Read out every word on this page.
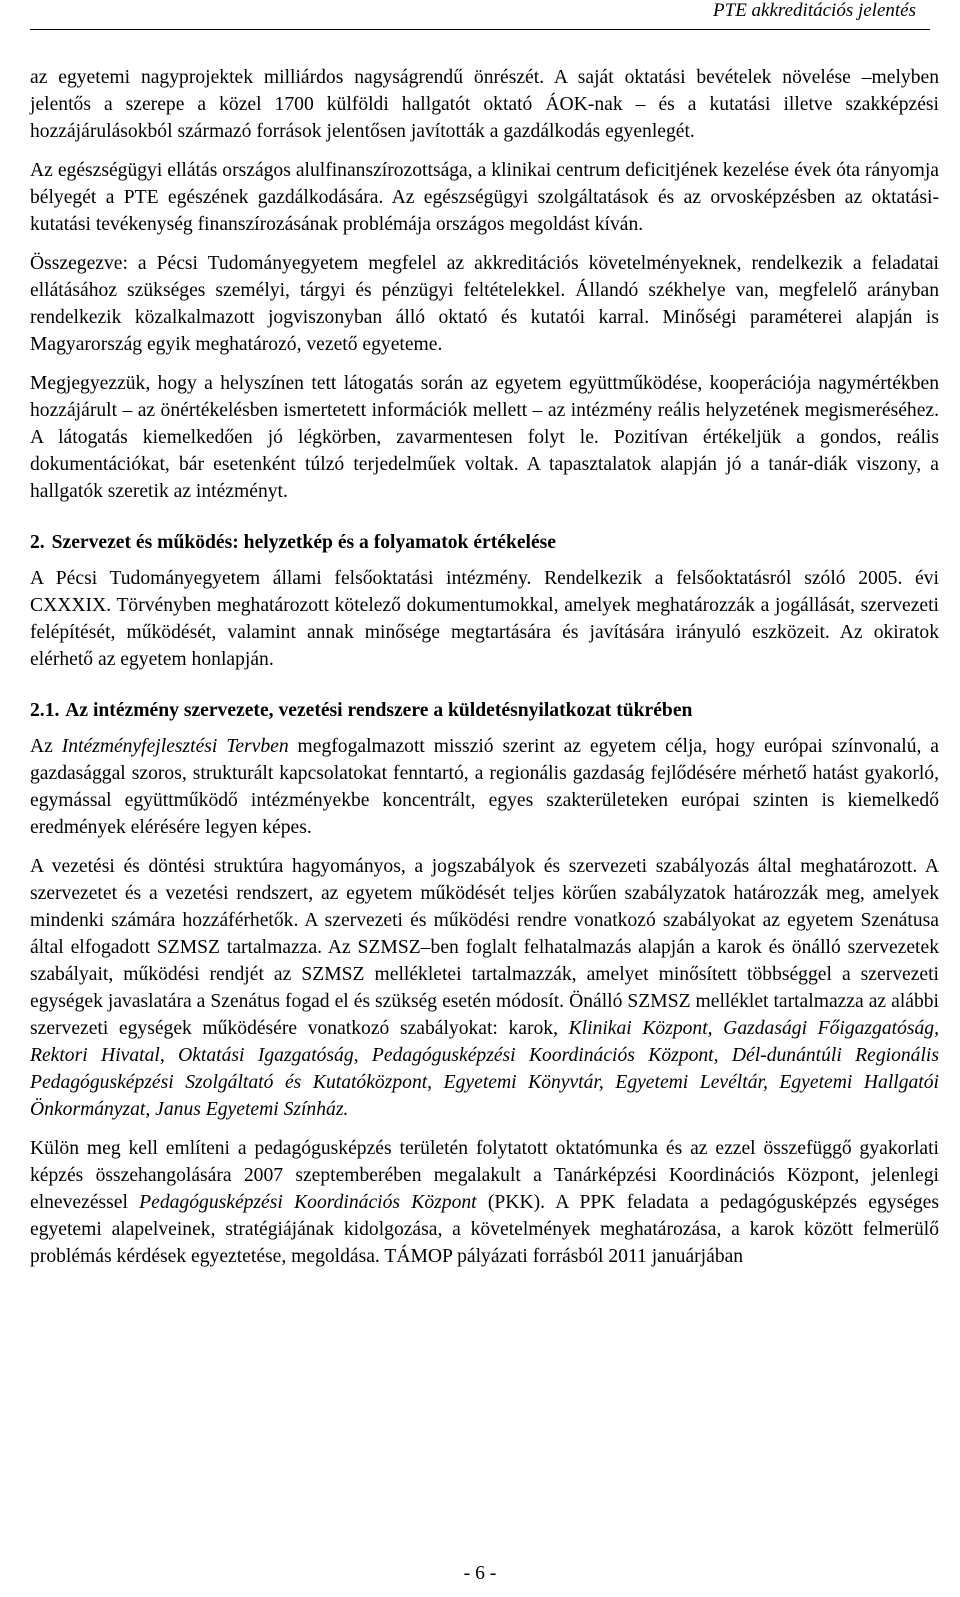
PTE akkreditációs jelentés

az egyetemi nagyprojektek milliárdos nagyságrendű önrészét. A saját oktatási bevételek növelése –melyben jelentős a szerepe a közel 1700 külföldi hallgatót oktató ÁOK-nak – és a kutatási illetve szakképzési hozzájárulásokból származó források jelentősen javították a gazdálkodás egyenlegét.

Az egészségügyi ellátás országos alulfinanszírozottsága, a klinikai centrum deficitjének kezelése évek óta rányomja bélyegét a PTE egészének gazdálkodására. Az egészségügyi szolgáltatások és az orvosképzésben az oktatási-kutatási tevékenység finanszírozásának problémája országos megoldást kíván.

Összegezve: a Pécsi Tudományegyetem megfelel az akkreditációs követelményeknek, rendelkezik a feladatai ellátásához szükséges személyi, tárgyi és pénzügyi feltételekkel. Állandó székhelye van, megfelelő arányban rendelkezik közalkalmazott jogviszonyban álló oktató és kutatói karral. Minőségi paraméterei alapján is Magyarország egyik meghatározó, vezető egyeteme.

Megjegyezzük, hogy a helyszínen tett látogatás során az egyetem együttműködése, kooperációja nagymértékben hozzájárult – az önértékelésben ismertetett információk mellett – az intézmény reális helyzetének megismeréséhez. A látogatás kiemelkedően jó légkörben, zavarmentesen folyt le. Pozitívan értékeljük a gondos, reális dokumentációkat, bár esetenként túlzó terjedelműek voltak. A tapasztalatok alapján jó a tanár-diák viszony, a hallgatók szeretik az intézményt.

2. Szervezet és működés: helyzetkép és a folyamatok értékelése

A Pécsi Tudományegyetem állami felsőoktatási intézmény. Rendelkezik a felsőoktatásról szóló 2005. évi CXXXIX. Törvényben meghatározott kötelező dokumentumokkal, amelyek meghatározzák a jogállását, szervezeti felépítését, működését, valamint annak minősége megtartására és javítására irányuló eszközeit. Az okiratok elérhető az egyetem honlapján.

2.1. Az intézmény szervezete, vezetési rendszere a küldetésnyilatkozat tükrében

Az Intézményfejlesztési Tervben megfogalmazott misszió szerint az egyetem célja, hogy európai színvonalú, a gazdasággal szoros, strukturált kapcsolatokat fenntartó, a regionális gazdaság fejlődésére mérhető hatást gyakorló, egymással együttműködő intézményekbe koncentrált, egyes szakterületeken európai szinten is kiemelkedő eredmények elérésére legyen képes.

A vezetési és döntési struktúra hagyományos, a jogszabályok és szervezeti szabályozás által meghatározott. A szervezetet és a vezetési rendszert, az egyetem működését teljes körűen szabályzatok határozzák meg, amelyek mindenki számára hozzáférhetők. A szervezeti és működési rendre vonatkozó szabályokat az egyetem Szenátusa által elfogadott SZMSZ tartalmazza. Az SZMSZ–ben foglalt felhatalmazás alapján a karok és önálló szervezetek szabályait, működési rendjét az SZMSZ mellékletei tartalmazzák, amelyet minősített többséggel a szervezeti egységek javaslatára a Szenátus fogad el és szükség esetén módosít. Önálló SZMSZ melléklet tartalmazza az alábbi szervezeti egységek működésére vonatkozó szabályokat: karok, Klinikai Központ, Gazdasági Főigazgatóság, Rektori Hivatal, Oktatási Igazgatóság, Pedagógusképzési Koordinációs Központ, Dél-dunántúli Regionális Pedagógusképzési Szolgáltató és Kutatóközpont, Egyetemi Könyvtár, Egyetemi Levéltár, Egyetemi Hallgatói Önkormányzat, Janus Egyetemi Színház.

Külön meg kell említeni a pedagógusképzés területén folytatott oktatómunka és az ezzel összefüggő gyakorlati képzés összehangolására 2007 szeptemberében megalakult a Tanárképzési Koordinációs Központ, jelenlegi elnevezéssel Pedagógusképzési Koordinációs Központ (PKK). A PPK feladata a pedagógusképzés egységes egyetemi alapelveinek, stratégiájának kidolgozása, a követelmények meghatározása, a karok között felmerülő problémás kérdések egyeztetése, megoldása. TÁMOP pályázati forrásból 2011 januárjában

- 6 -
